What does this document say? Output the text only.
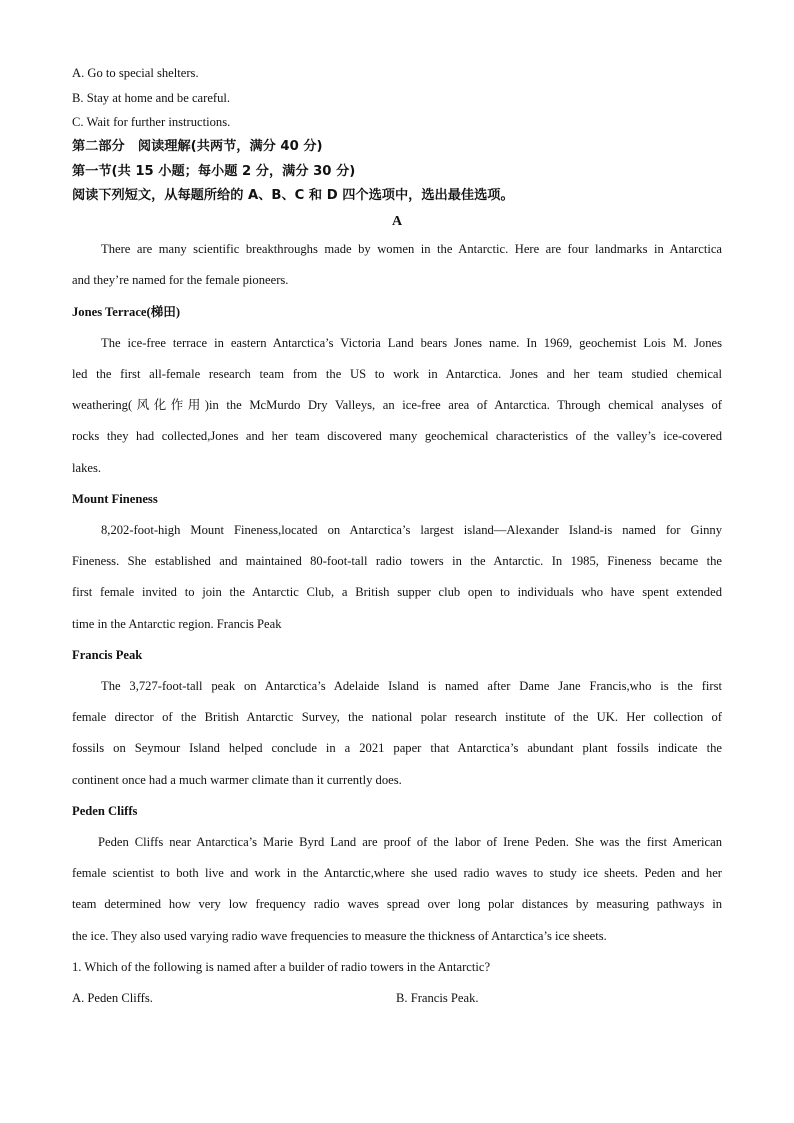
A. Go to special shelters.
B. Stay at home and be careful.
C. Wait for further instructions.
第二部分　阅读理解(共两节，满分 40 分)
第一节(共 15 小题；每小题 2 分，满分 30 分)
阅读下列短文，从每题所给的 A、B、C 和 D 四个选项中，选出最佳选项。
A
There are many scientific breakthroughs made by women in the Antarctic. Here are four landmarks in Antarctica
and they’re named for the female pioneers.
Jones Terrace(梯田)
The ice-free terrace in eastern Antarctica’s Victoria Land bears Jones name. In 1969, geochemist Lois M. Jones
led the first all-female research team from the US to work in Antarctica. Jones and her team studied chemical
weathering(风化作用)in the McMurdo Dry Valleys, an ice-free area of Antarctica. Through chemical analyses of
rocks they had collected,Jones and her team discovered many geochemical characteristics of the valley’s ice-covered
lakes.
Mount Fineness
8,202-foot-high Mount Fineness,located on Antarctica’s largest island—Alexander Island-is named for Ginny
Fineness. She established and maintained 80-foot-tall radio towers in the Antarctic. In 1985, Fineness became the
first female invited to join the Antarctic Club, a British supper club open to individuals who have spent extended
time in the Antarctic region. Francis Peak
Francis Peak
The 3,727-foot-tall peak on Antarctica’s Adelaide Island is named after Dame Jane Francis,who is the first
female director of the British Antarctic Survey, the national polar research institute of the UK. Her collection of
fossils on Seymour Island helped conclude in a 2021 paper that Antarctica’s abundant plant fossils indicate the
continent once had a much warmer climate than it currently does.
Peden Cliffs
Peden Cliffs near Antarctica’s Marie Byrd Land are proof of the labor of Irene Peden. She was the first American
female scientist to both live and work in the Antarctic,where she used radio waves to study ice sheets. Peden and her
team determined how very low frequency radio waves spread over long polar distances by measuring pathways in
the ice. They also used varying radio wave frequencies to measure the thickness of Antarctica’s ice sheets.
1. Which of the following is named after a builder of radio towers in the Antarctic?
A. Peden Cliffs.	B. Francis Peak.
